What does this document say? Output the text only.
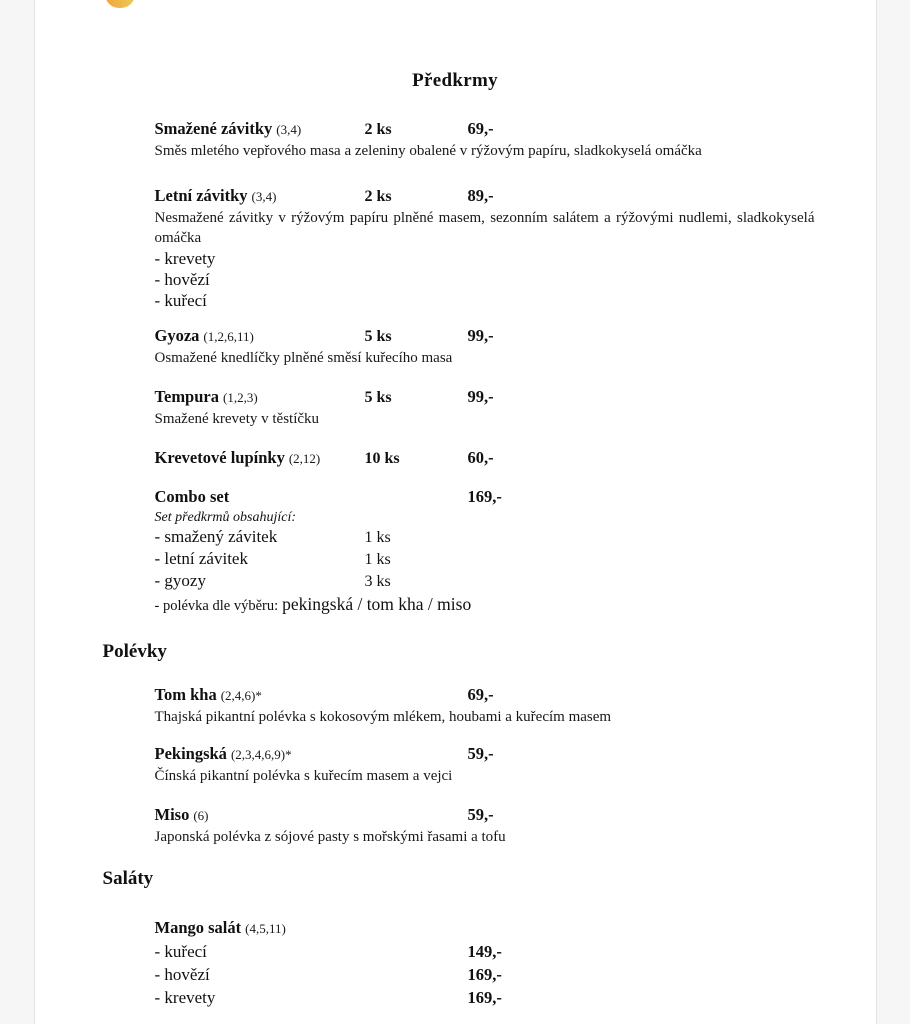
Předkrmy
Smažené závitky (3,4)	2 ks	69,-
Směs mletého vepřového masa a zeleniny obalené v rýžovým papíru, sladkokyselá omáčka
Letní závitky (3,4)	2 ks	89,-
Nesmažené závitky v rýžovým papíru plněné masem, sezonním salátem a rýžovými nudlemi, sladkokyselá omáčka
- krevety
- hovězí
- kuřecí
Gyoza (1,2,6,11)	5 ks	99,-
Osmažené knedlíčky plněné směsí kuřecího masa
Tempura (1,2,3)	5 ks	99,-
Smažené krevety v těstíčku
Krevetové lupínky (2,12)	10 ks	60,-
Combo set	169,-
Set předkrmů obsahující:
- smažený závitek	1 ks
- letní závitek	1 ks
- gyozy	3 ks
- polévka dle výběru: pekingská / tom kha / miso
Polévky
Tom kha (2,4,6)*	69,-
Thajská pikantní polévka s kokosovým mlékem, houbami a kuřecím masem
Pekingská (2,3,4,6,9)*	59,-
Čínská pikantní polévka s kuřecím masem a vejci
Miso (6)	59,-
Japonská polévka z sójové pasty s mořskými řasami a tofu
Saláty
Mango salát (4,5,11)
- kuřecí	149,-
- hovězí	169,-
- krevety	169,-
